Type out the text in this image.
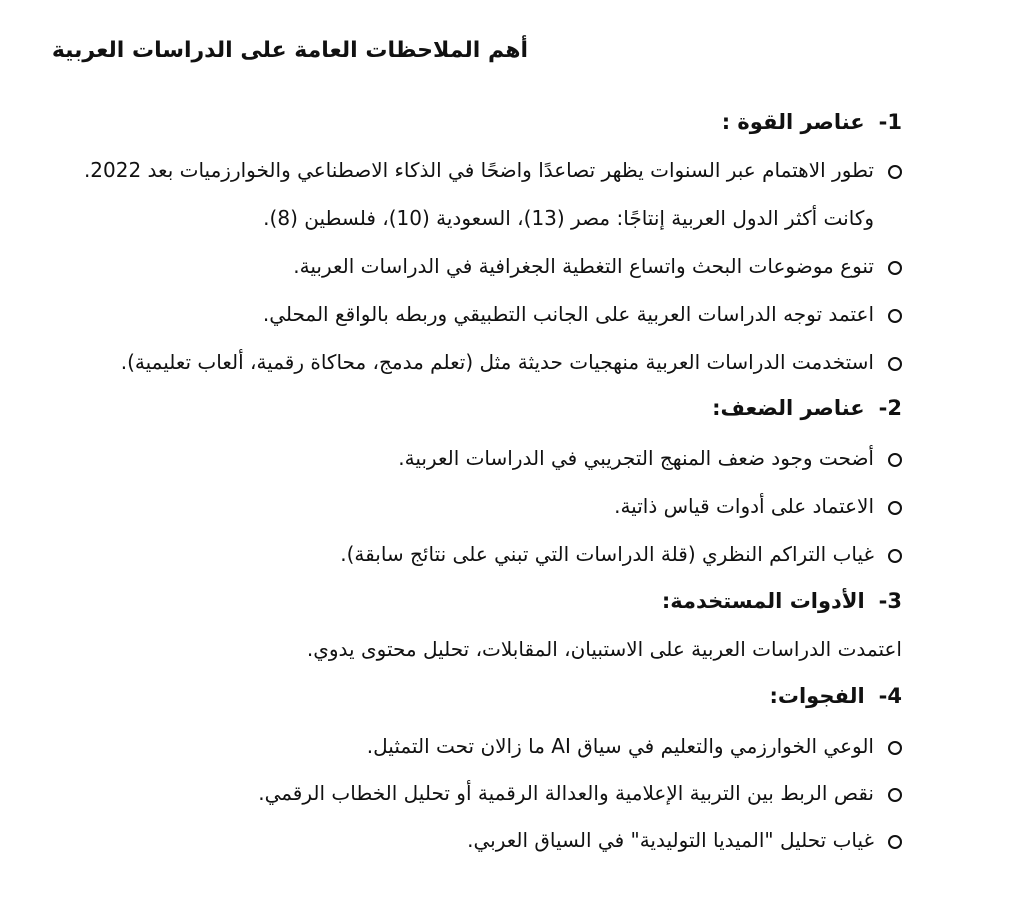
أهم الملاحظات العامة على الدراسات العربية
1-عناصر القوة :
تطور الاهتمام عبر السنوات يظهر تصاعدًا واضحًا في الذكاء الاصطناعي والخوارزميات بعد 2022.
وكانت أكثر الدول العربية إنتاجًا: مصر (13)، السعودية (10)، فلسطين (8).
تنوع موضوعات البحث واتساع التغطية الجغرافية في الدراسات العربية.
اعتمد توجه الدراسات العربية على الجانب التطبيقي وربطه بالواقع المحلي.
استخدمت الدراسات العربية منهجيات حديثة مثل (تعلم مدمج، محاكاة رقمية، ألعاب تعليمية).
2-عناصر الضعف:
أضحت وجود ضعف المنهج التجريبي في الدراسات العربية.
الاعتماد على أدوات قياس ذاتية.
غياب التراكم النظري (قلة الدراسات التي تبني على نتائج سابقة).
3-الأدوات المستخدمة:
اعتمدت الدراسات العربية على الاستبيان، المقابلات، تحليل محتوى يدوي.
4-الفجوات:
الوعي الخوارزمي والتعليم في سياق AI ما زالان تحت التمثيل.
نقص الربط بين التربية الإعلامية والعدالة الرقمية أو تحليل الخطاب الرقمي.
غياب تحليل "الميديا التوليدية" في السياق العربي.
